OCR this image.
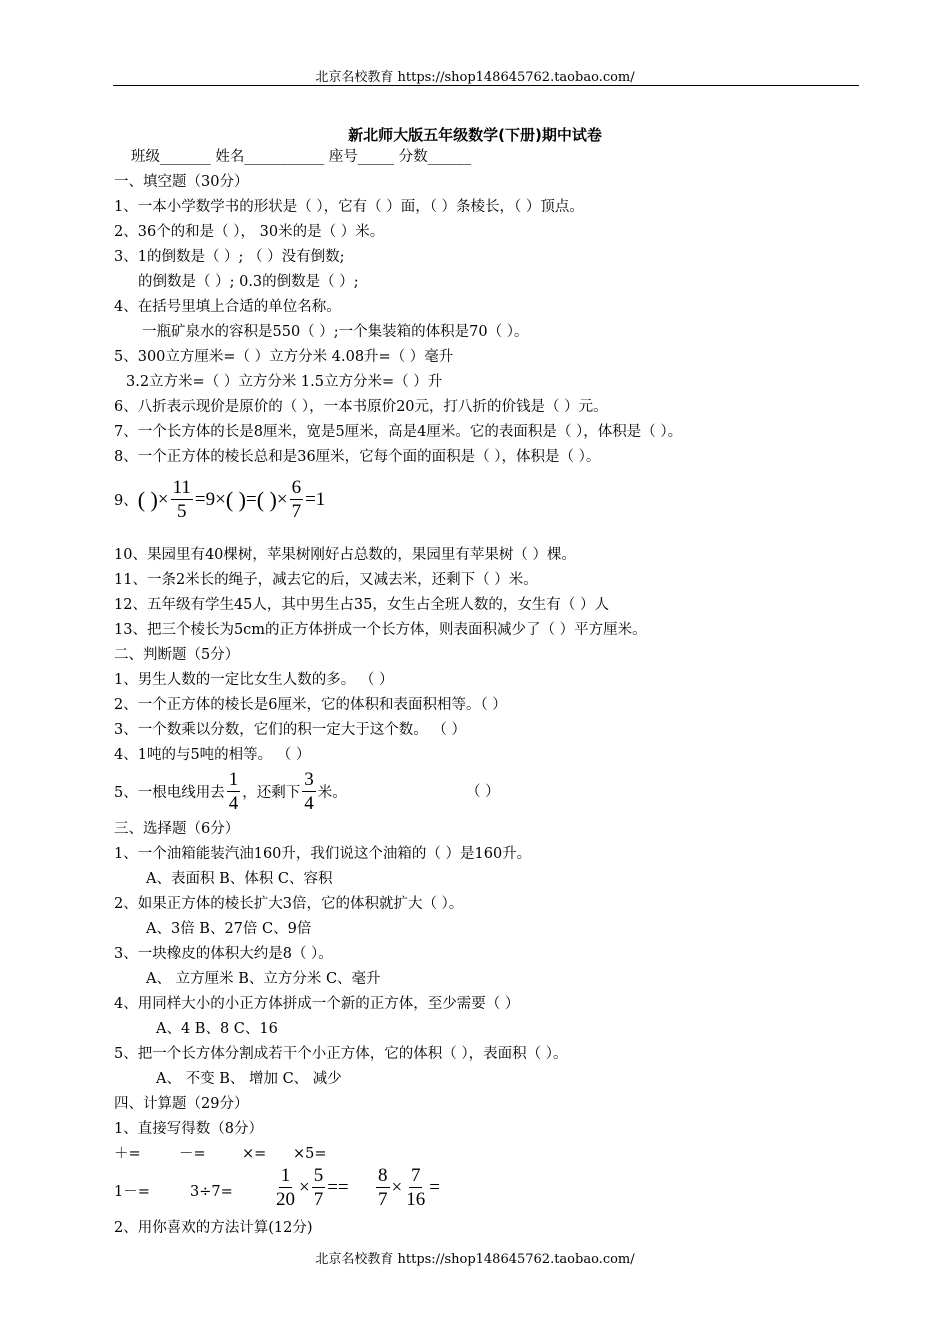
北京名校教育 https://shop148645762.taobao.com/
新北师大版五年级数学(下册)期中试卷
班级_______ 姓名___________ 座号_____ 分数______
一、填空题（30分）
1、一本小学数学书的形状是（ ），它有（ ）面，（ ）条棱长，（ ）顶点。
2、36个的和是（ ）， 30米的是（ ）米。
3、1的倒数是（ ）; （ ）没有倒数;
的倒数是（ ）; 0.3的倒数是（ ）;
4、在括号里填上合适的单位名称。
一瓶矿泉水的容积是550（ ）;一个集装箱的体积是70（ ）。
5、300立方厘米=（ ）立方分米 4.08升=（ ）毫升
3.2立方米=（ ）立方分米 1.5立方分米=（ ）升
6、八折表示现价是原价的（ ），一本书原价20元，打八折的价钱是（ ）元。
7、一个长方体的长是8厘米，宽是5厘米，高是4厘米。它的表面积是（ ），体积是（ ）。
8、一个正方体的棱长总和是36厘米，它每个面的面积是（ ），体积是（ ）。
9、 ( ) × $\frac{11}{5} =9\times$ ( ) = ( ) × $\frac{6}{7} =1$
10、果园里有40棵树，苹果树刚好占总数的，果园里有苹果树（ ）棵。
11、一条2米长的绳子，减去它的后，又减去米，还剩下（ ）米。
12、五年级有学生45人，其中男生占35，女生占全班人数的，女生有（ ）人
13、把三个棱长为5cm的正方体拼成一个长方体，则表面积减少了（ ）平方厘米。
二、判断题（5分）
1、男生人数的一定比女生人数的多。 （ ）
2、一个正方体的棱长是6厘米，它的体积和表面积相等。（ ）
3、一个数乘以分数，它们的积一定大于这个数。 （ ）
4、1吨的与5吨的相等。 （ ）
5、一根电线用去 $\frac{1}{4}$ ，还剩下 $\frac{3}{4}$ 米。	（ ）
三、选择题（6分）
1、一个油箱能装汽油160升，我们说这个油箱的（ ）是160升。
A、表面积 B、体积 C、容积
2、如果正方体的棱长扩大3倍，它的体积就扩大（ ）。
A、3倍 B、27倍 C、9倍
3、一块橡皮的体积大约是8（ ）。
A、 立方厘米 B、立方分米 C、毫升
4、用同样大小的小正方体拼成一个新的正方体，至少需要（ ）
A、4 B、8 C、16
5、把一个长方体分割成若干个小正方体，它的体积（ ），表面积（ ）。
A、 不变 B、 增加 C、 减少
四、计算题（29分）
1、直接写得数（8分）
＋=	－=	×= ×5=
1－=	$3\div 7= \frac{1}{20} \times \frac{5}{7} == \frac{8}{7} \times \frac{7}{16}$ =
2、用你喜欢的方法计算(12分)
北京名校教育 https://shop148645762.taobao.com/
